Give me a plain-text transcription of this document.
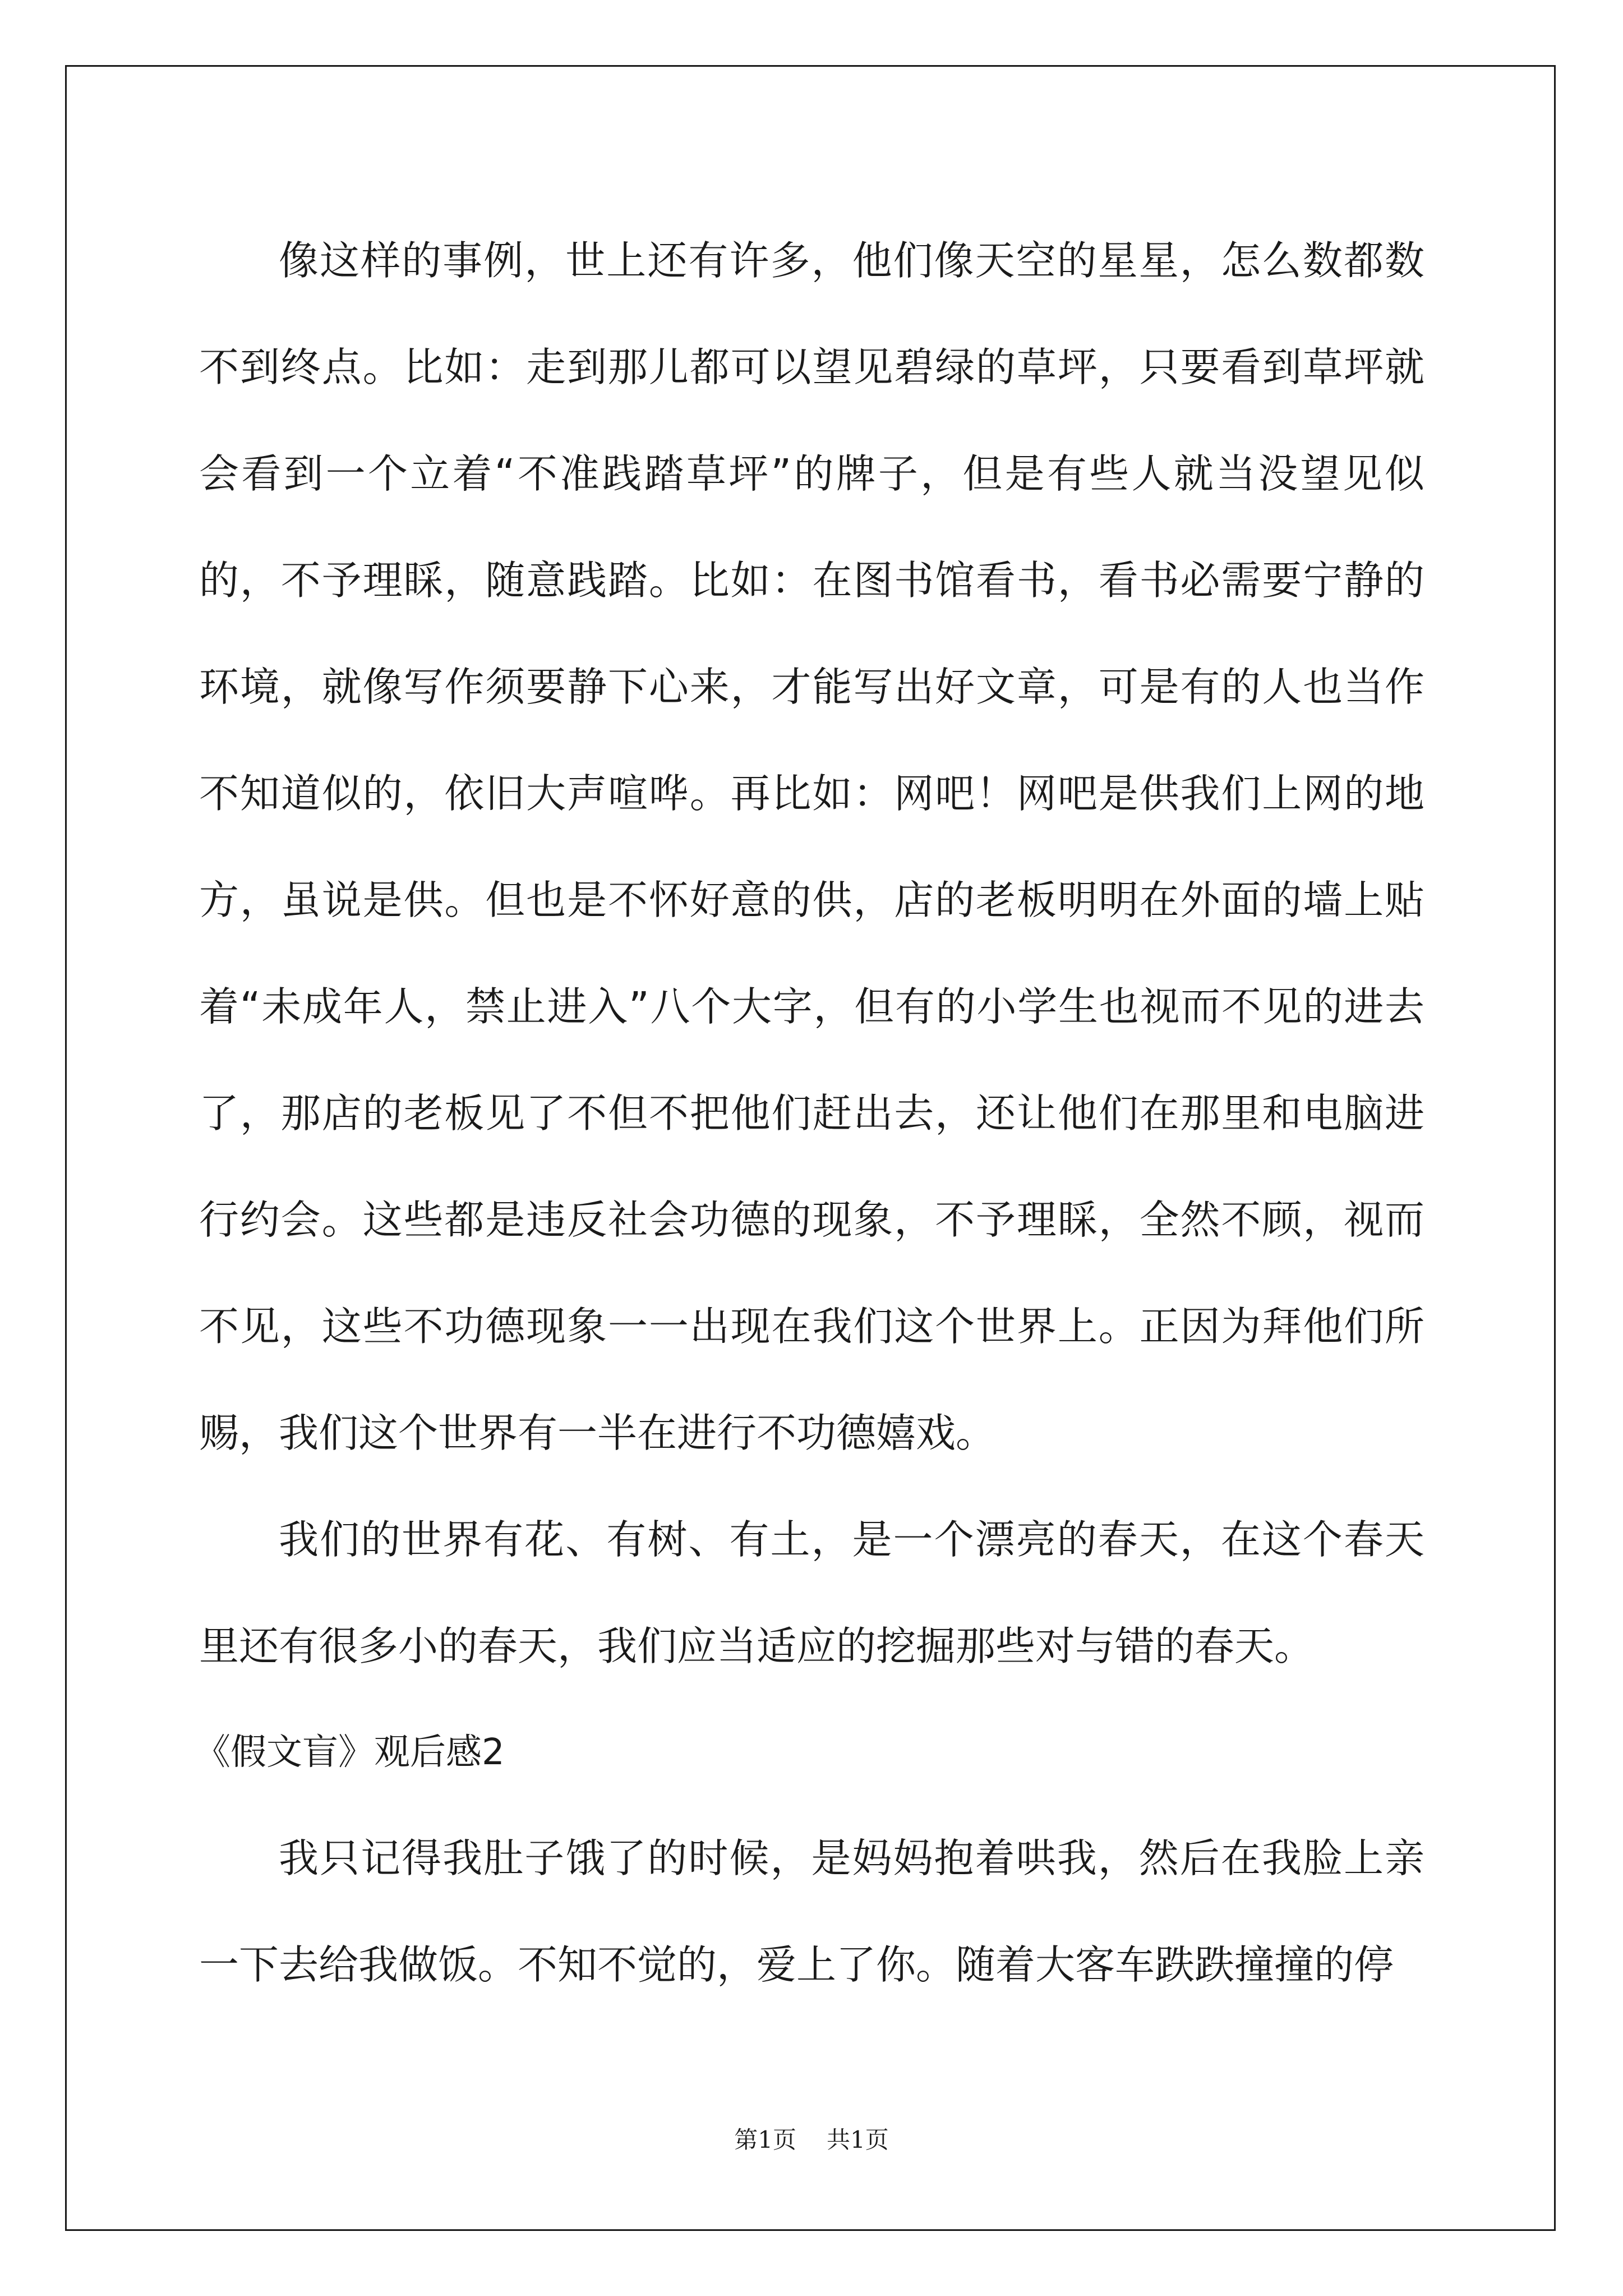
像这样的事例，世上还有许多，他们像天空的星星，怎么数都数不到终点。比如：走到那儿都可以望见碧绿的草坪，只要看到草坪就会看到一个立着“不准践踏草坪”的牌子，但是有些人就当没望见似的，不予理睬，随意践踏。比如：在图书馆看书，看书必需要宁静的环境，就像写作须要静下心来，才能写出好文章，可是有的人也当作不知道似的，依旧大声喧哗。再比如：网吧！网吧是供我们上网的地方，虽说是供。但也是不怀好意的供，店的老板明明在外面的墙上贴着“未成年人，禁止进入”八个大字，但有的小学生也视而不见的进去了，那店的老板见了不但不把他们赶出去，还让他们在那里和电脑进行约会。这些都是违反社会功德的现象，不予理睬，全然不顾，视而不见，这些不功德现象一一出现在我们这个世界上。正因为拜他们所赐，我们这个世界有一半在进行不功德嬉戏。

我们的世界有花、有树、有土，是一个漂亮的春天，在这个春天里还有很多小的春天，我们应当适应的挖掘那些对与错的春天。

《假文盲》观后感2

我只记得我肚子饿了的时候，是妈妈抱着哄我，然后在我脸上亲一下去给我做饭。不知不觉的，爱上了你。随着大客车跌跌撞撞的停

第1页 共1页
